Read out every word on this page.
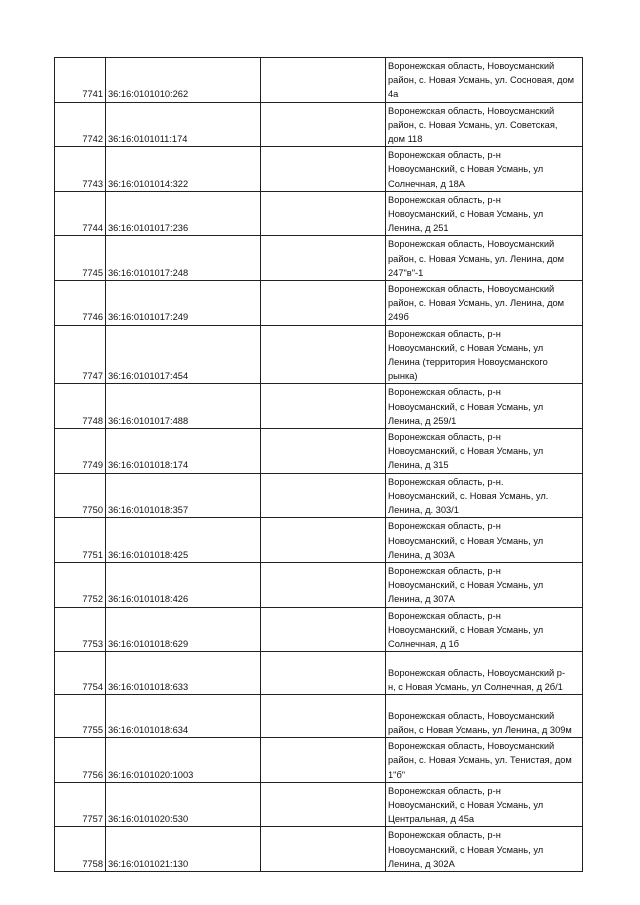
7741	36:16:0101010:262		Воронежская область, Новоусманский
район, с. Новая Усмань, ул. Сосновая, дом
4а
7742	36:16:0101011:174		Воронежская область, Новоусманский
район, с. Новая Усмань, ул. Советская,
дом 118
7743	36:16:0101014:322		Воронежская область, р-н
Новоусманский, с Новая Усмань, ул
Солнечная, д 18А
7744	36:16:0101017:236		Воронежская область, р-н
Новоусманский, с Новая Усмань, ул
Ленина, д 251
7745	36:16:0101017:248		Воронежская область, Новоусманский
район, с. Новая Усмань, ул. Ленина, дом
247"в"-1
7746	36:16:0101017:249		Воронежская область, Новоусманский
район, с. Новая Усмань, ул. Ленина, дом
249б
7747	36:16:0101017:454		Воронежская область, р-н
Новоусманский, с Новая Усмань, ул
Ленина (территория Новоусманского
рынка)
7748	36:16:0101017:488		Воронежская область, р-н
Новоусманский, с Новая Усмань, ул
Ленина, д 259/1
7749	36:16:0101018:174		Воронежская область, р-н
Новоусманский, с Новая Усмань, ул
Ленина, д 315
7750	36:16:0101018:357		Воронежская область, р-н.
Новоусманский, с. Новая Усмань, ул.
Ленина, д. 303/1
7751	36:16:0101018:425		Воронежская область, р-н
Новоусманский, с Новая Усмань, ул
Ленина, д 303А
7752	36:16:0101018:426		Воронежская область, р-н
Новоусманский, с Новая Усмань, ул
Ленина, д 307А
7753	36:16:0101018:629		Воронежская область, р-н
Новоусманский, с Новая Усмань, ул
Солнечная, д 1б
7754	36:16:0101018:633		Воронежская область, Новоусманский р-
н, с Новая Усмань, ул Солнечная, д 2б/1
7755	36:16:0101018:634		Воронежская область, Новоусманский
район, с Новая Усмань, ул Ленина, д 309м
7756	36:16:0101020:1003		Воронежская область, Новоусманский
район, с. Новая Усмань, ул. Тенистая, дом
1"б"
7757	36:16:0101020:530		Воронежская область, р-н
Новоусманский, с Новая Усмань, ул
Центральная, д 45а
7758	36:16:0101021:130		Воронежская область, р-н
Новоусманский, с Новая Усмань, ул
Ленина, д 302А
